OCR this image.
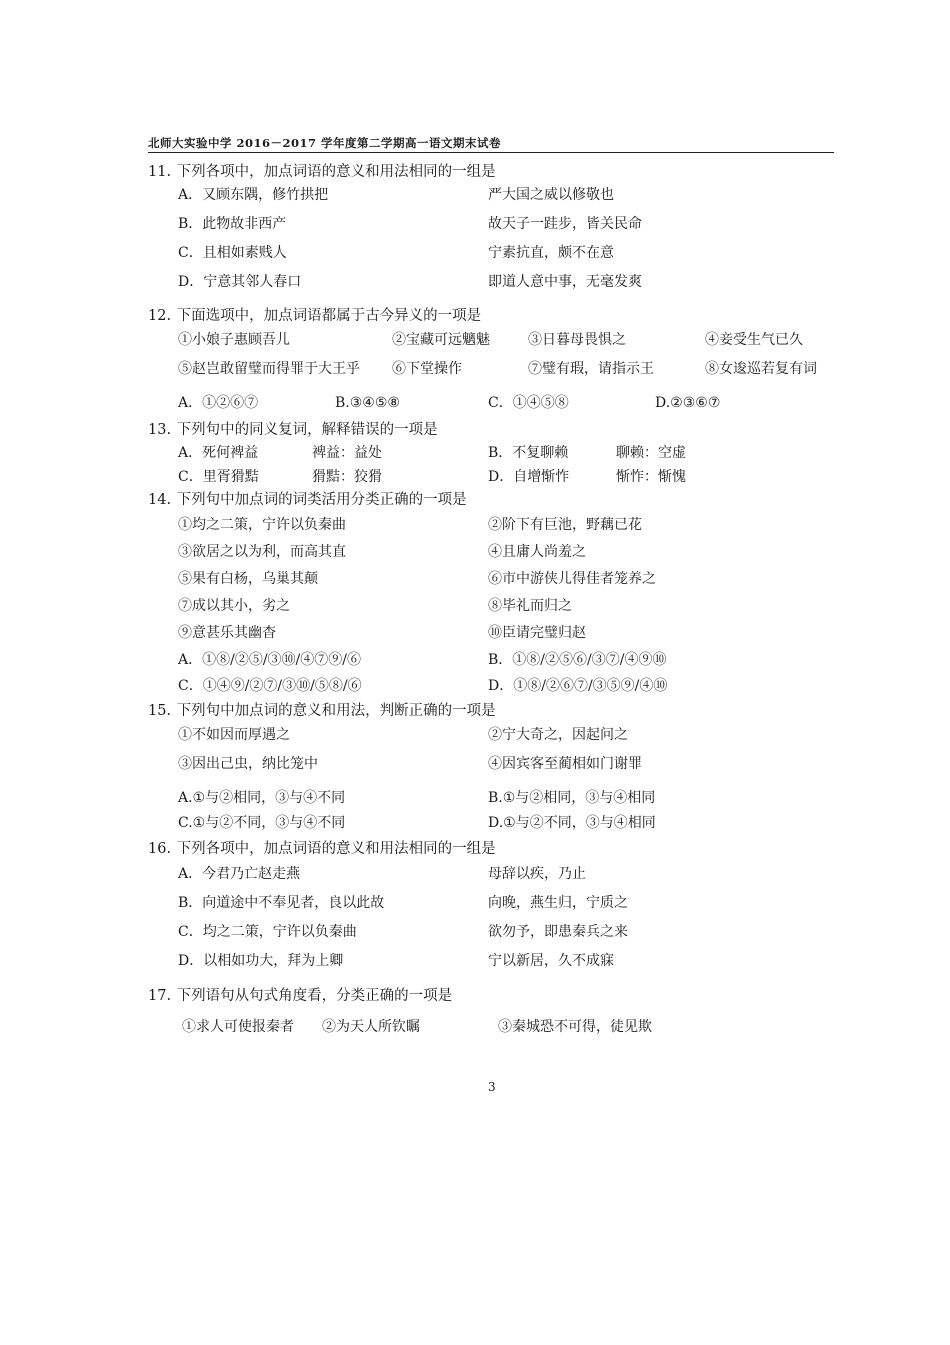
北师大实验中学 2016－2017 学年度第二学期高一语文期末试卷
11. 下列各项中，加点词语的意义和用法相同的一组是
A．又顾东隅，修竹拱把	严大国之威以修敬也
B．此物故非西产	故天子一跬步，皆关民命
C．且相如素贱人	宁素抗直，颇不在意
D．宁意其邻人春口	即道人意中事，无毫发爽
12. 下面选项中，加点词语都属于古今异义的一项是
①小娘子惠顾吾儿	②宝藏可远魑魅	③日暮母畏惧之	④妾受生气已久
⑤赵岂敢留璧而得罪于大王乎 ⑥下堂操作	⑦璧有瑕，请指示王	⑧女逡巡若复有词
A．①②⑥⑦	B.③④⑤⑧	C．①④⑤⑧	D.②③⑥⑦
13. 下列句中的同义复词，解释错误的一项是
A．死何裨益	裨益：益处	B．不复聊赖	聊赖：空虚
C．里胥猾黠	猾黠：狡猾	D．自增惭怍	惭怍：惭愧
14. 下列句中加点词的词类活用分类正确的一项是
①均之二策，宁许以负秦曲	②阶下有巨池，野藕已花
③欲居之以为利，而高其直	④且庸人尚羞之
⑤果有白杨，乌巢其颠	⑥市中游侠儿得佳者笼养之
⑦成以其小，劣之	⑧毕礼而归之
⑨意甚乐其幽杳	⑩臣请完璧归赵
A．①⑧/②⑤/③⑩/④⑦⑨/⑥	B．①⑧/②⑤⑥/③⑦/④⑨⑩
C．①④⑨/②⑦/③⑩/⑤⑧/⑥	D．①⑧/②⑥⑦/③⑤⑨/④⑩
15. 下列句中加点词的意义和用法，判断正确的一项是
①不如因而厚遇之	②宁大奇之，因起问之
③因出己虫，纳比笼中	④因宾客至蔺相如门谢罪
A.①与②相同，③与④不同	B.①与②相同，③与④相同
C.①与②不同，③与④不同	D.①与②不同，③与④相同
16. 下列各项中，加点词语的意义和用法相同的一组是
A．今君乃亡赵走燕	母辞以疾，乃止
B．向道途中不奉见者，良以此故	向晚，燕生归，宁质之
C．均之二策，宁许以负秦曲	欲勿予，即患秦兵之来
D．以相如功大，拜为上卿	宁以新居，久不成寐
17. 下列语句从句式角度看，分类正确的一项是
①求人可使报秦者 ②为天人所钦瞩	③秦城恐不可得，徒见欺
3
